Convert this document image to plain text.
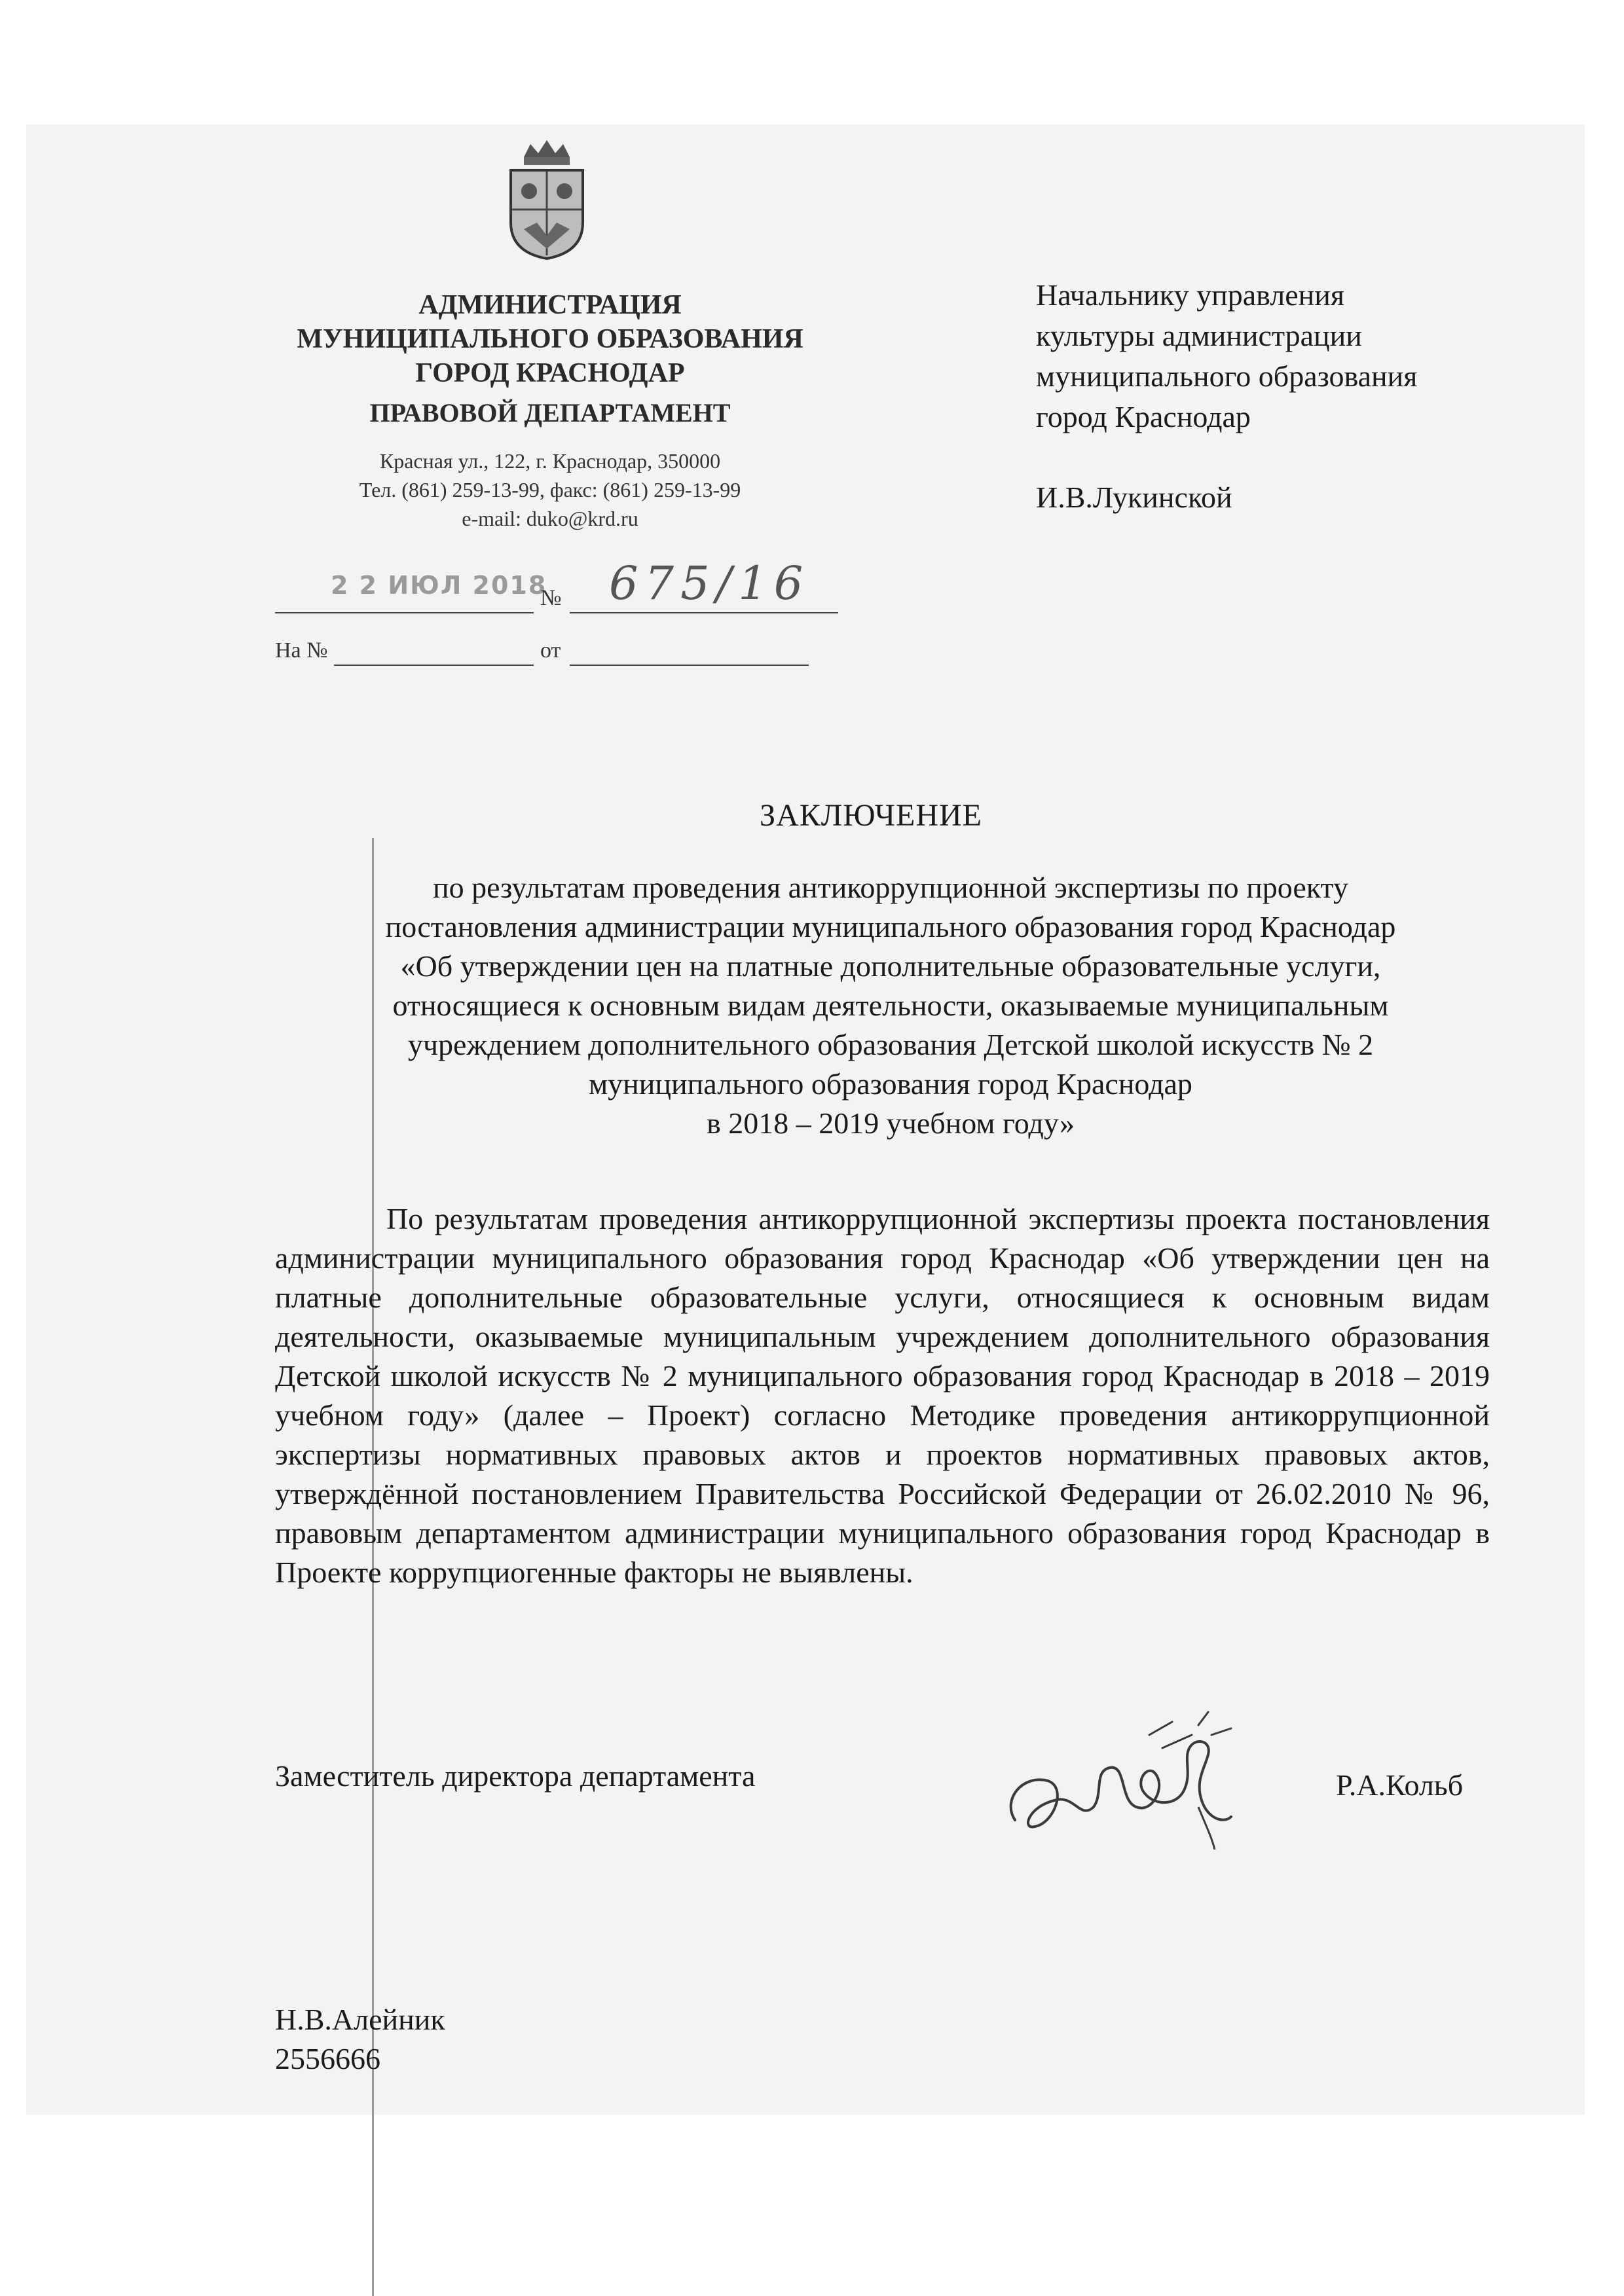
АДМИНИСТРАЦИЯ
МУНИЦИПАЛЬНОГО ОБРАЗОВАНИЯ
ГОРОД КРАСНОДАР
ПРАВОВОЙ ДЕПАРТАМЕНТ
Красная ул., 122, г. Краснодар, 350000
Тел. (861) 259-13-99, факс: (861) 259-13-99
e-mail: duko@krd.ru
2 2 ИЮЛ 2018
№ 675/16
На №	от
Начальнику управления
культуры администрации
муниципального образования
город Краснодар
И.В.Лукинской
ЗАКЛЮЧЕНИЕ

по результатам проведения антикоррупционной экспертизы по проекту

постановления администрации муниципального образования город Краснодар

«Об утверждении цен на платные дополнительные образовательные услуги,

относящиеся к основным видам деятельности, оказываемые муниципальным

учреждением дополнительного образования Детской школой искусств № 2

муниципального образования город Краснодар

в 2018 – 2019 учебном году»

По результатам проведения антикоррупционной экспертизы проекта постановления администрации муниципального образования город Краснодар «Об утверждении цен на платные дополнительные образовательные услуги, относящиеся к основным видам деятельности, оказываемые муниципальным учреждением дополнительного образования Детской школой искусств № 2 муниципального образования город Краснодар в 2018 – 2019 учебном году» (далее – Проект) согласно Методике проведения антикоррупционной экспертизы нормативных правовых актов и проектов нормативных правовых актов, утверждённой постановлением Правительства Российской Федерации от 26.02.2010 № 96, правовым департаментом администрации муниципального образования город Краснодар в Проекте коррупциогенные факторы не выявлены.

Заместитель директора департамента	Р.А.Кольб
Н.В.Алейник
2556666
